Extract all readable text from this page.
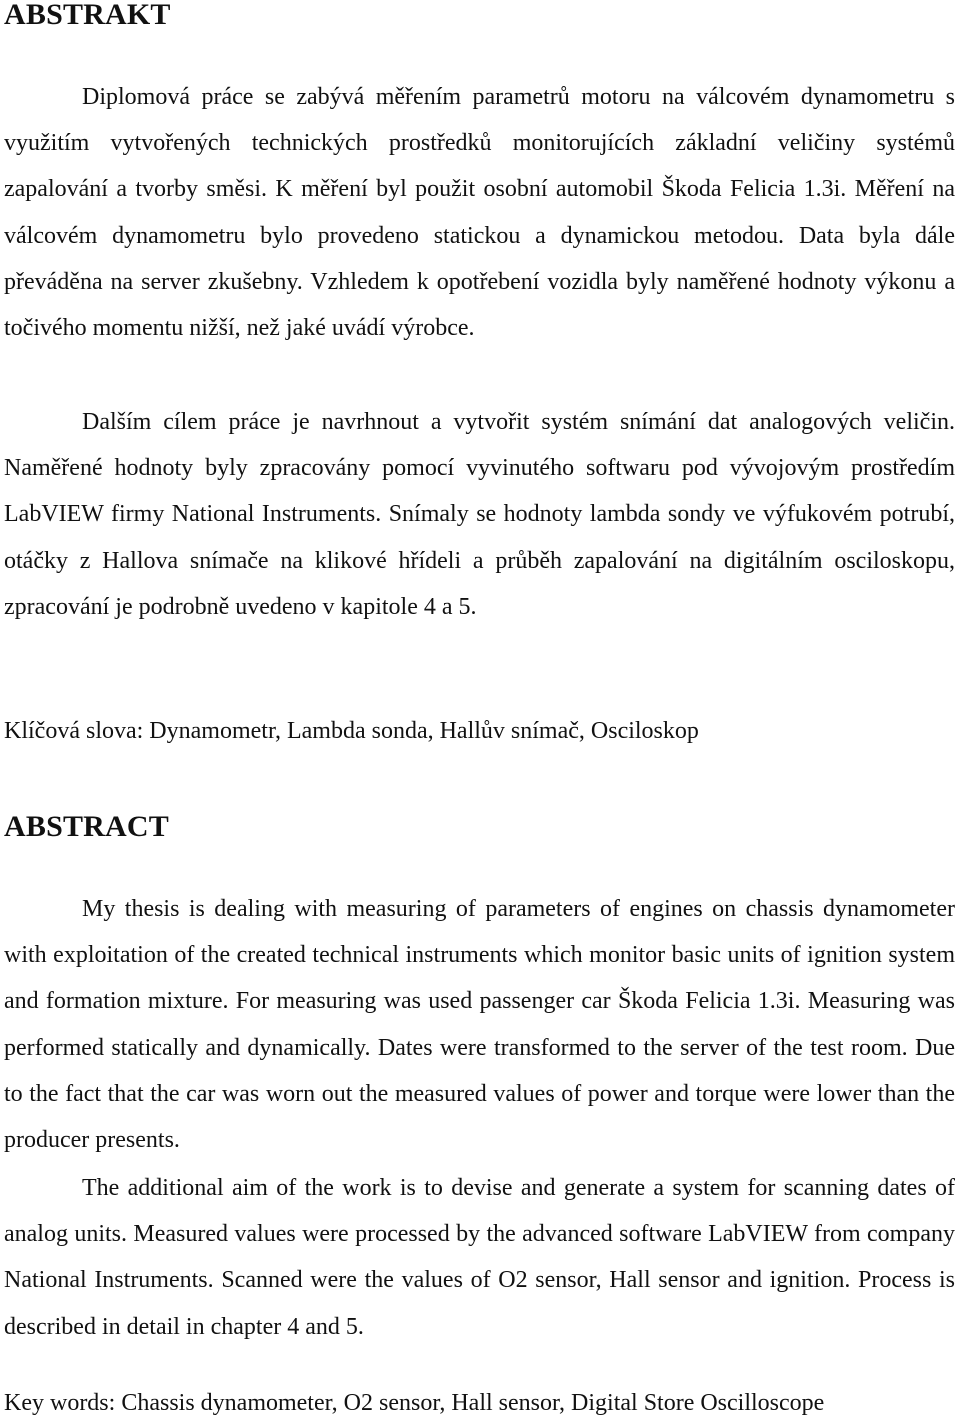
ABSTRAKT

Diplomová práce se zabývá měřením parametrů motoru na válcovém dynamometru s využitím vytvořených technických prostředků monitorujících základní veličiny systémů zapalování a tvorby směsi. K měření byl použit osobní automobil Škoda Felicia 1.3i. Měření na válcovém dynamometru bylo provedeno statickou a dynamickou metodou. Data byla dále převáděna na server zkušebny. Vzhledem k opotřebení vozidla byly naměřené hodnoty výkonu a točivého momentu nižší, než jaké uvádí výrobce.

Dalším cílem práce je navrhnout a vytvořit systém snímání dat analogových veličin. Naměřené hodnoty byly zpracovány pomocí vyvinutého softwaru pod vývojovým prostředím LabVIEW firmy National Instruments. Snímaly se hodnoty lambda sondy ve výfukovém potrubí, otáčky z Hallova snímače na klikové hřídeli a průběh zapalování na digitálním osciloskopu, zpracování je podrobně uvedeno v kapitole 4 a 5.

Klíčová slova: Dynamometr, Lambda sonda, Hallův snímač, Osciloskop

ABSTRACT

My thesis is dealing with measuring of parameters of engines on chassis dynamometer with exploitation of the created technical instruments which monitor basic units of ignition system and formation mixture. For measuring was used passenger car Škoda Felicia 1.3i. Measuring was performed statically and dynamically. Dates were transformed to the server of the test room. Due to the fact that the car was worn out the measured values of power and torque were lower than the producer presents.

The additional aim of the work is to devise and generate a system for scanning dates of analog units. Measured values were processed by the advanced software LabVIEW from company National Instruments. Scanned were the values of O2 sensor, Hall sensor and ignition. Process is described in detail in chapter 4 and 5.

Key words: Chassis dynamometer, O2 sensor, Hall sensor, Digital Store Oscilloscope
